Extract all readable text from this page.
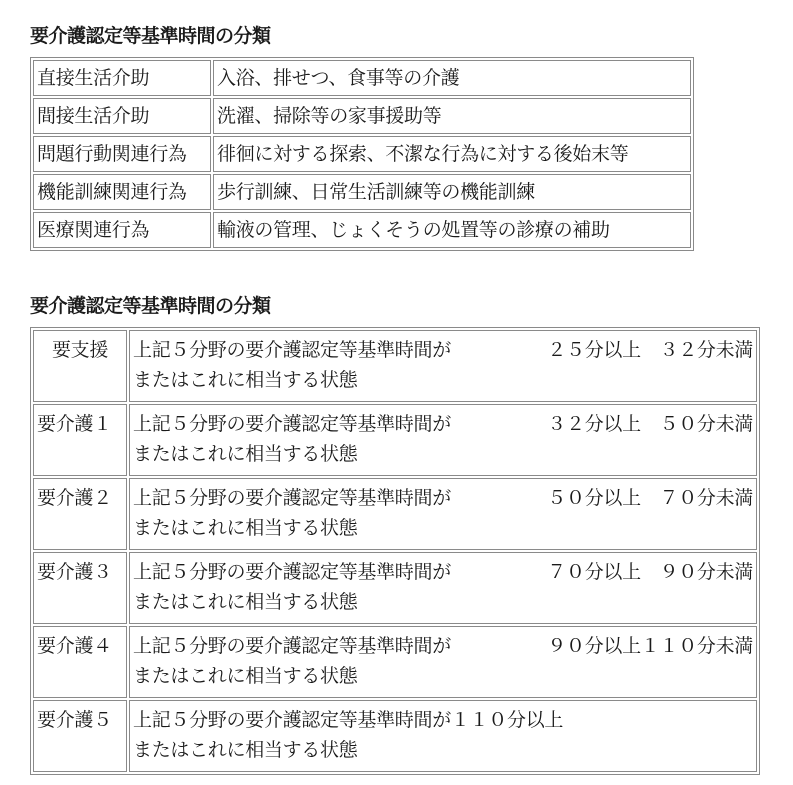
要介護認定等基準時間の分類
直接生活介助	入浴、排せつ、食事等の介護
間接生活介助	洗濯、掃除等の家事援助等
問題行動関連行為	徘徊に対する探索、不潔な行為に対する後始末等
機能訓練関連行為	歩行訓練、日常生活訓練等の機能訓練
医療関連行為	輸液の管理、じょくそうの処置等の診療の補助
要介護認定等基準時間の分類
要支援	上記５分野の要介護認定等基準時間が 　２５分以上　３２分未満
またはこれに相当する状態

要介護１	上記５分野の要介護認定等基準時間が 　３２分以上　５０分未満
またはこれに相当する状態

要介護２	上記５分野の要介護認定等基準時間が 　５０分以上　７０分未満
またはこれに相当する状態

要介護３	上記５分野の要介護認定等基準時間が 　７０分以上　９０分未満
またはこれに相当する状態

要介護４	上記５分野の要介護認定等基準時間が 　９０分以上１１０分未満
またはこれに相当する状態

要介護５	上記５分野の要介護認定等基準時間が １１０分以上
またはこれに相当する状態
